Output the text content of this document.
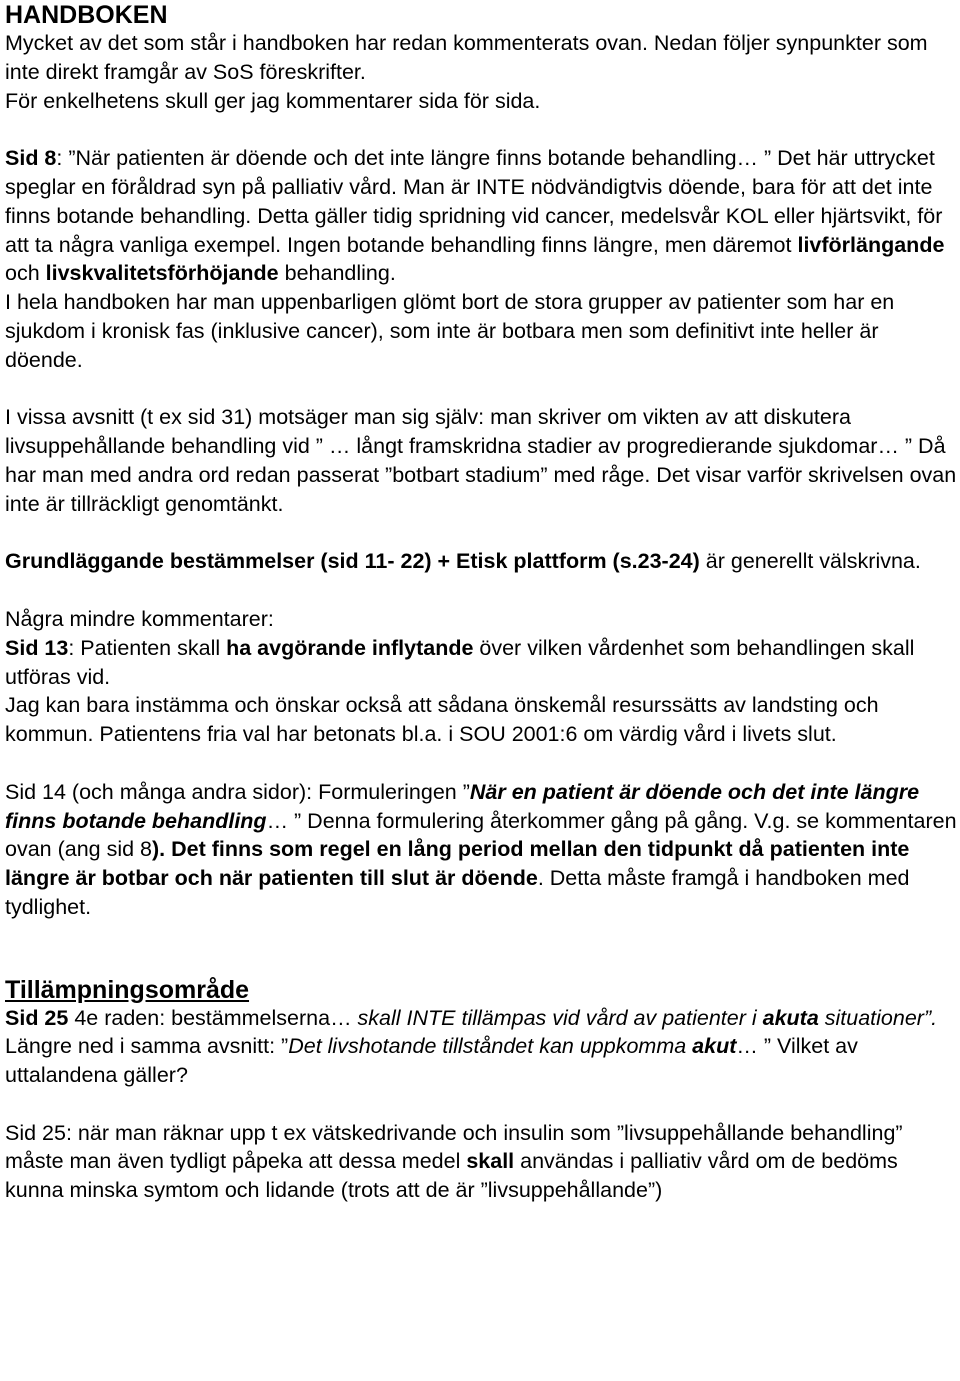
HANDBOKEN

Mycket av det som står i handboken har redan kommenterats ovan. Nedan följer synpunkter som inte direkt framgår av SoS föreskrifter.
För enkelhetens skull ger jag kommentarer sida för sida.

Sid 8: ”När patienten är döende och det inte längre finns botande behandling… ” Det här uttrycket speglar en föråldrad syn på palliativ vård. Man är INTE nödvändigtvis döende, bara för att det inte finns botande behandling. Detta gäller tidig spridning vid cancer, medelsvår KOL eller hjärtsvikt, för att ta några vanliga exempel. Ingen botande behandling finns längre, men däremot livförlängande och livskvalitetsförhöjande behandling.

I hela handboken har man uppenbarligen glömt bort de stora grupper av patienter som har en sjukdom i kronisk fas (inklusive cancer), som inte är botbara men som definitivt inte heller är döende.

I vissa avsnitt (t ex sid 31) motsäger man sig själv: man skriver om vikten av att diskutera livsuppehållande behandling vid ” … långt framskridna stadier av progredierande sjukdomar… ” Då har man med andra ord redan passerat ”botbart stadium” med råge. Det visar varför skrivelsen ovan inte är tillräckligt genomtänkt.

Grundläggande bestämmelser (sid 11- 22) + Etisk plattform (s.23-24) är generellt välskrivna.

Några mindre kommentarer:

Sid 13: Patienten skall ha avgörande inflytande över vilken vårdenhet som behandlingen skall utföras vid.

Jag kan bara instämma och önskar också att sådana önskemål resurssätts av landsting och kommun. Patientens fria val har betonats bl.a. i SOU 2001:6 om värdig vård i livets slut.

Sid 14 (och många andra sidor): Formuleringen ”När en patient är döende och det inte längre finns botande behandling… ” Denna formulering återkommer gång på gång. V.g. se kommentaren ovan (ang sid 8). Det finns som regel en lång period mellan den tidpunkt då patienten inte längre är botbar och när patienten till slut är döende. Detta måste framgå i handboken med tydlighet.

Tillämpningsområde

Sid 25 4e raden: bestämmelserna… skall INTE tillämpas vid vård av patienter i akuta situationer”.

Längre ned i samma avsnitt: ”Det livshotande tillståndet kan uppkomma akut… ” Vilket av uttalandena gäller?

Sid 25: när man räknar upp t ex vätskedrivande och insulin som ”livsuppehållande behandling” måste man även tydligt påpeka att dessa medel skall användas i palliativ vård om de bedöms kunna minska symtom och lidande (trots att de är ”livsuppehållande”)
